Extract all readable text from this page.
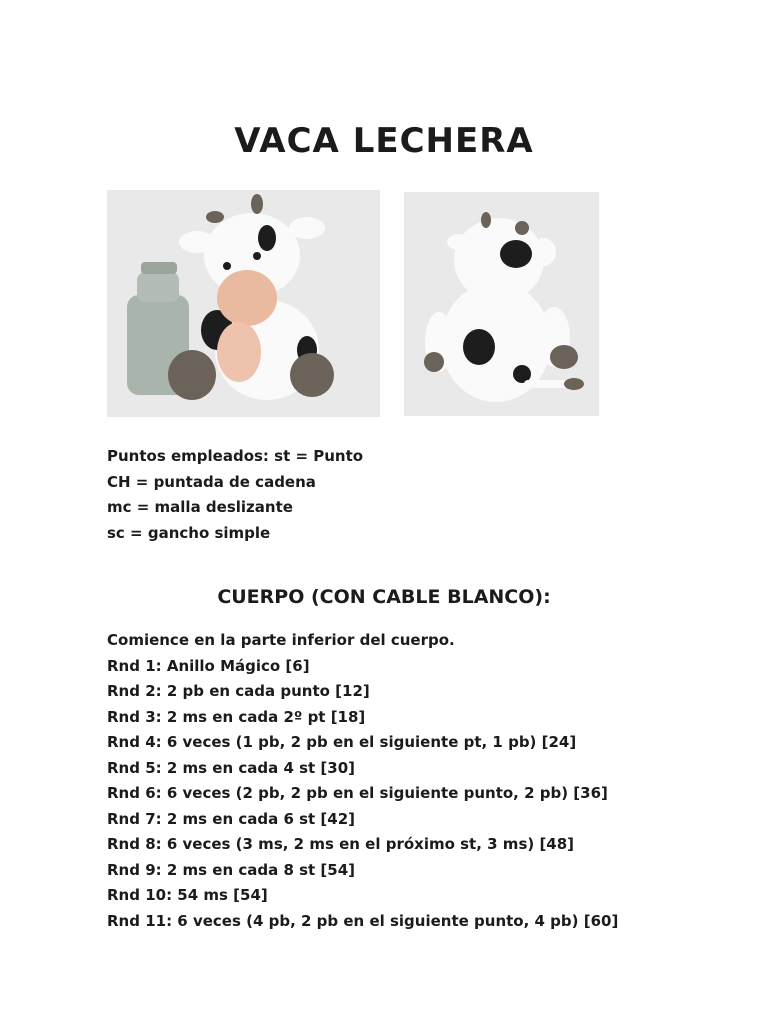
VACA LECHERA
Puntos empleados: st = Punto
CH = puntada de cadena
mc = malla deslizante
sc = gancho simple
CUERPO (CON CABLE BLANCO):
Comience en la parte inferior del cuerpo.
Rnd 1: Anillo Mágico [6]
Rnd 2: 2 pb en cada punto [12]
Rnd 3: 2 ms en cada 2º pt [18]
Rnd 4: 6 veces (1 pb, 2 pb en el siguiente pt, 1 pb) [24]
Rnd 5: 2 ms en cada 4 st [30]
Rnd 6: 6 veces (2 pb, 2 pb en el siguiente punto, 2 pb) [36]
Rnd 7: 2 ms en cada 6 st [42]
Rnd 8: 6 veces (3 ms, 2 ms en el próximo st, 3 ms) [48]
Rnd 9: 2 ms en cada 8 st [54]
Rnd 10: 54 ms [54]
Rnd 11: 6 veces (4 pb, 2 pb en el siguiente punto, 4 pb) [60]
